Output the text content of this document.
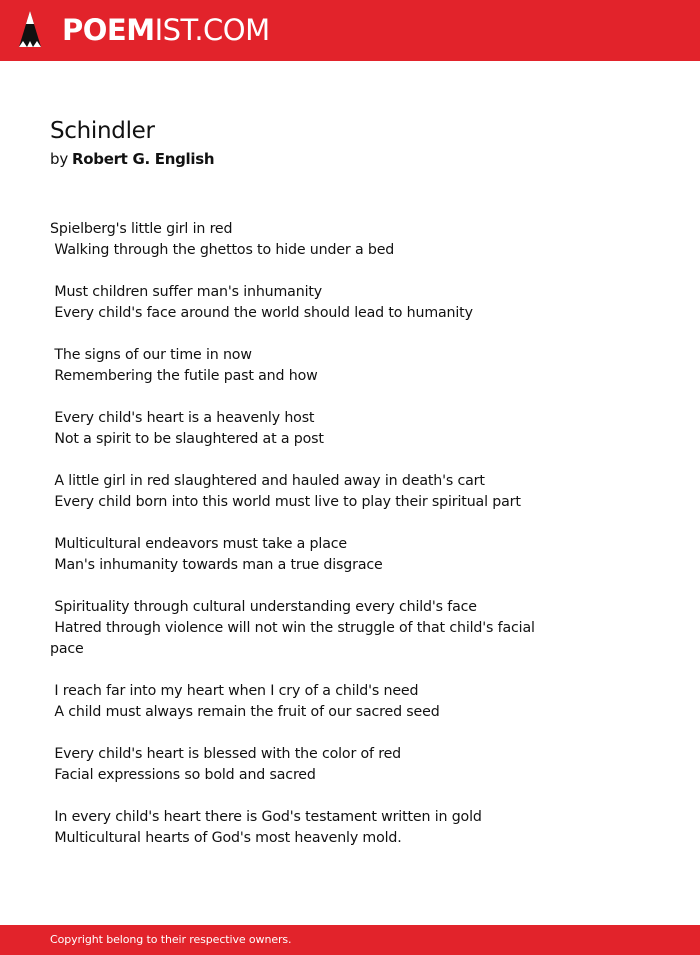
POEMIST.COM
Schindler
by Robert G. English
Spielberg's little girl in red
Walking through the ghettos to hide under a bed
Must children suffer man's inhumanity
Every child's face around the world should lead to humanity
The signs of our time in now
Remembering the futile past and how
Every child's heart is a heavenly host
Not a spirit to be slaughtered at a post
A little girl in red slaughtered and hauled away in death's cart
Every child born into this world must live to play their spiritual part
Multicultural endeavors must take a place
Man's inhumanity towards man a true disgrace
Spirituality through cultural understanding every child's face
Hatred through violence will not win the struggle of that child's facial
pace
I reach far into my heart when I cry of a child's need
A child must always remain the fruit of our sacred seed
Every child's heart is blessed with the color of red
Facial expressions so bold and sacred
In every child's heart there is God's testament written in gold
Multicultural hearts of God's most heavenly mold.
Copyright belong to their respective owners.
